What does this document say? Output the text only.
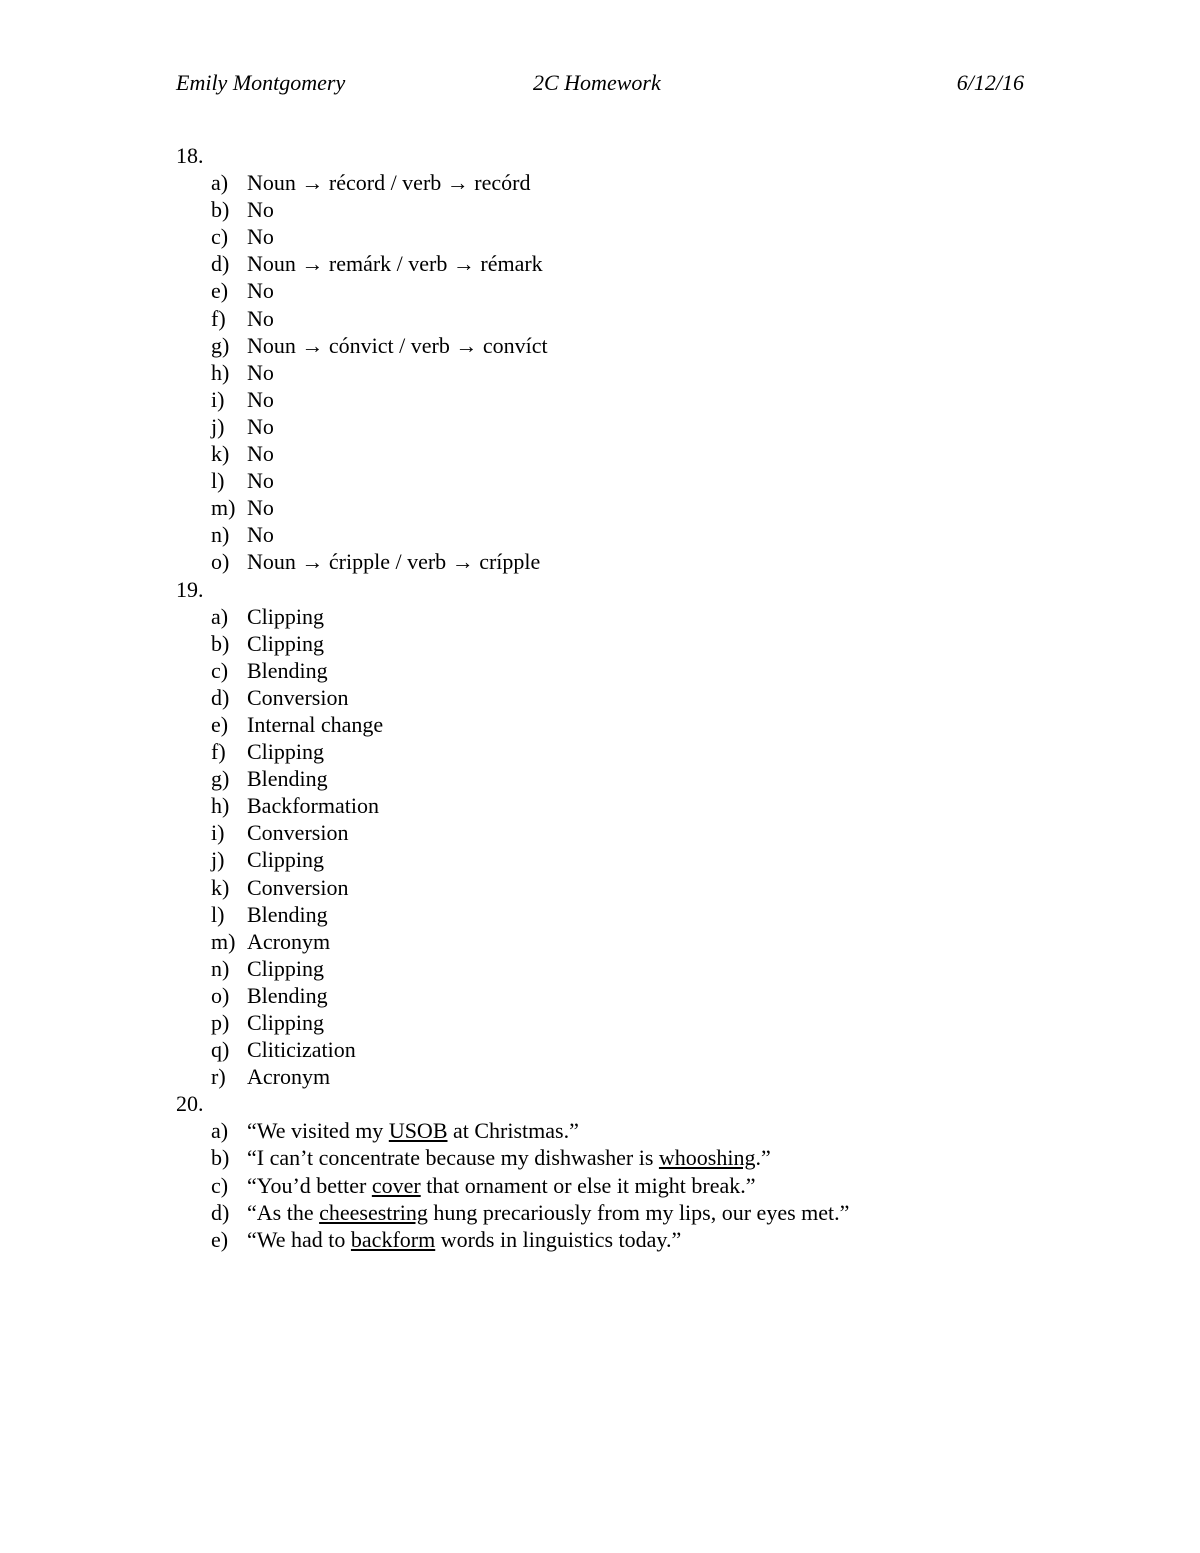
Emily Montgomery	2C Homework	6/12/16
18.
a) Noun → récord / verb → recórd
b) No
c) No
d) Noun → remárk / verb → rémark
e) No
f) No
g) Noun → cónvict / verb → convíct
h) No
i) No
j) No
k) No
l) No
m) No
n) No
o) Noun → ćripple / verb → crípple
19.
a) Clipping
b) Clipping
c) Blending
d) Conversion
e) Internal change
f) Clipping
g) Blending
h) Backformation
i) Conversion
j) Clipping
k) Conversion
l) Blending
m) Acronym
n) Clipping
o) Blending
p) Clipping
q) Cliticization
r) Acronym
20.
a) “We visited my USOB at Christmas.”
b) “I can’t concentrate because my dishwasher is whooshing.”
c) “You’d better cover that ornament or else it might break.”
d) “As the cheesestring hung precariously from my lips, our eyes met.”
e) “We had to backform words in linguistics today.”
